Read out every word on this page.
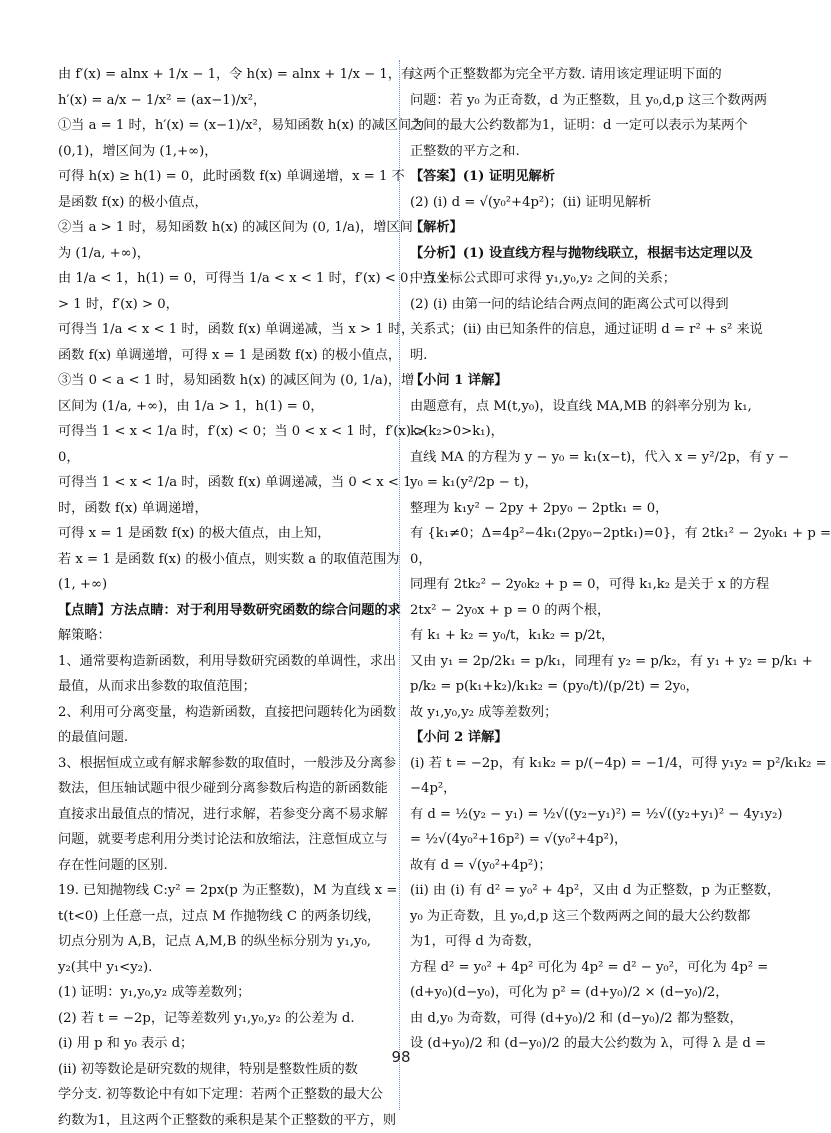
由 f′(x) = alnx + 1/x − 1，令 h(x) = alnx + 1/x − 1，有
h′(x) = a/x − 1/x² = (ax−1)/x²，
①当 a = 1 时，h′(x) = (x−1)/x²，易知函数 h(x) 的减区间为
(0,1)，增区间为 (1,+∞)，
可得 h(x) ≥ h(1) = 0，此时函数 f(x) 单调递增，x = 1 不
是函数 f(x) 的极小值点，
②当 a > 1 时，易知函数 h(x) 的减区间为 (0, 1/a)，增区间
为 (1/a, +∞)，
由 1/a < 1，h(1) = 0，可得当 1/a < x < 1 时，f′(x) < 0；当 x
> 1 时，f′(x) > 0，
可得当 1/a < x < 1 时，函数 f(x) 单调递减，当 x > 1 时，
函数 f(x) 单调递增，可得 x = 1 是函数 f(x) 的极小值点，
③当 0 < a < 1 时，易知函数 h(x) 的减区间为 (0, 1/a)，增
区间为 (1/a, +∞)，由 1/a > 1，h(1) = 0，
可得当 1 < x < 1/a 时，f′(x) < 0；当 0 < x < 1 时，f′(x) >
0，
可得当 1 < x < 1/a 时，函数 f(x) 单调递减，当 0 < x < 1
时，函数 f(x) 单调递增，
可得 x = 1 是函数 f(x) 的极大值点，由上知，
若 x = 1 是函数 f(x) 的极小值点，则实数 a 的取值范围为
(1, +∞)
【点睛】方法点睛：对于利用导数研究函数的综合问题的求
解策略：
1、通常要构造新函数，利用导数研究函数的单调性，求出
最值，从而求出参数的取值范围；
2、利用可分离变量，构造新函数，直接把问题转化为函数
的最值问题.
3、根据恒成立或有解求解参数的取值时，一般涉及分离参
数法，但压轴试题中很少碰到分离参数后构造的新函数能
直接求出最值点的情况，进行求解，若参变分离不易求解
问题，就要考虑利用分类讨论法和放缩法，注意恒成立与
存在性问题的区别.
19. 已知抛物线 C:y² = 2px(p 为正整数)，M 为直线 x =
t(t<0) 上任意一点，过点 M 作抛物线 C 的两条切线，
切点分别为 A,B，记点 A,M,B 的纵坐标分别为 y₁,y₀,
y₂(其中 y₁<y₂).
(1) 证明：y₁,y₀,y₂ 成等差数列；
(2) 若 t = −2p，记等差数列 y₁,y₀,y₂ 的公差为 d.
(i) 用 p 和 y₀ 表示 d；
(ii) 初等数论是研究数的规律，特别是整数性质的数
学分支. 初等数论中有如下定理：若两个正整数的最大公
约数为1，且这两个正整数的乘积是某个正整数的平方，则
这两个正整数都为完全平方数. 请用该定理证明下面的
问题：若 y₀ 为正奇数，d 为正整数，且 y₀,d,p 这三个数两两
之间的最大公约数都为1，证明：d 一定可以表示为某两个
正整数的平方之和.
【答案】(1) 证明见解析
(2) (i) d = √(y₀²+4p²)；(ii) 证明见解析
【解析】
【分析】(1) 设直线方程与抛物线联立，根据韦达定理以及
中点坐标公式即可求得 y₁,y₀,y₂ 之间的关系；
(2) (i) 由第一问的结论结合两点间的距离公式可以得到
关系式；(ii) 由已知条件的信息，通过证明 d = r² + s² 来说
明.
【小问 1 详解】
由题意有，点 M(t,y₀)，设直线 MA,MB 的斜率分别为 k₁,
k₂(k₂>0>k₁)，
直线 MA 的方程为 y − y₀ = k₁(x−t)，代入 x = y²/2p，有 y −
y₀ = k₁(y²/2p − t)，
整理为 k₁y² − 2py + 2py₀ − 2ptk₁ = 0，
有 {k₁≠0；Δ=4p²−4k₁(2py₀−2ptk₁)=0}，有 2tk₁² − 2y₀k₁ + p =
0，
同理有 2tk₂² − 2y₀k₂ + p = 0，可得 k₁,k₂ 是关于 x 的方程
2tx² − 2y₀x + p = 0 的两个根，
有 k₁ + k₂ = y₀/t，k₁k₂ = p/2t，
又由 y₁ = 2p/2k₁ = p/k₁，同理有 y₂ = p/k₂，有 y₁ + y₂ = p/k₁ +
p/k₂ = p(k₁+k₂)/k₁k₂ = (py₀/t)/(p/2t) = 2y₀，
故 y₁,y₀,y₂ 成等差数列；
【小问 2 详解】
(i) 若 t = −2p，有 k₁k₂ = p/(−4p) = −1/4，可得 y₁y₂ = p²/k₁k₂ =
−4p²，
有 d = ½(y₂ − y₁) = ½√((y₂−y₁)²) = ½√((y₂+y₁)² − 4y₁y₂)
= ½√(4y₀²+16p²) = √(y₀²+4p²)，
故有 d = √(y₀²+4p²)；
(ii) 由 (i) 有 d² = y₀² + 4p²，又由 d 为正整数，p 为正整数，
y₀ 为正奇数，且 y₀,d,p 这三个数两两之间的最大公约数都
为1，可得 d 为奇数，
方程 d² = y₀² + 4p² 可化为 4p² = d² − y₀²，可化为 4p² =
(d+y₀)(d−y₀)，可化为 p² = (d+y₀)/2 × (d−y₀)/2，
由 d,y₀ 为奇数，可得 (d+y₀)/2 和 (d−y₀)/2 都为整数，
设 (d+y₀)/2 和 (d−y₀)/2 的最大公约数为 λ，可得 λ 是 d =
98
